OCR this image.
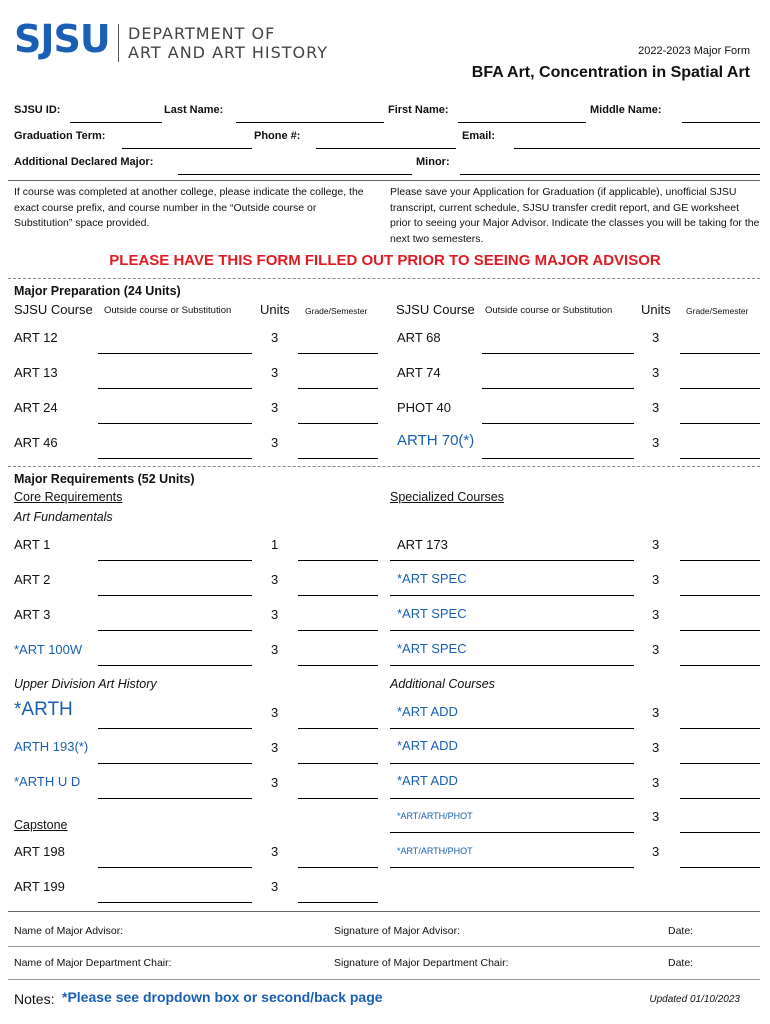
SJSU DEPARTMENT OF
ART AND ART HISTORY	2022-2023 Major Form
BFA Art, Concentration in Spatial Art
SJSU ID:	Last Name:	First Name:	Middle Name:
Graduation Term:	Phone #:	Email:
Additional Declared Major:	Minor:
If course was completed at another college, please indicate the college, the exact course prefix, and course number in the “Outside course or Substitution” space provided.
Please save your Application for Graduation (if applicable), unofficial SJSU transcript, current schedule, SJSU transfer credit report, and GE worksheet prior to seeing your Major Advisor. Indicate the classes you will be taking for the next two semesters.
PLEASE HAVE THIS FORM FILLED OUT PRIOR TO SEEING MAJOR ADVISOR
Major Preparation (24 Units)
SJSU Course Outside course or Substitution Units Grade/Semester SJSU Course Outside course or Substitution Units Grade/Semester
ART 12	3
ART 13	3
ART 24	3
ART 46	3
ART 68	3
ART 74	3
PHOT 40	3
ARTH 70(*)	3
Major Requirements (52 Units)
Core Requirements
Art Fundamentals
Specialized Courses
ART 1	1
ART 2	3
ART 3	3
*ART 100W	3
Upper Division Art History
*ARTH	3
ARTH 193(*)	3
*ARTH U D	3
Capstone
ART 198	3
ART 199	3
ART 173	3
*ART SPEC	3
*ART SPEC	3
*ART SPEC	3
Additional Courses
*ART ADD	3
*ART ADD	3
*ART ADD	3
*ART/ARTH/PHOT	3
*ART/ARTH/PHOT	3
Name of Major Advisor:	Signature of Major Advisor:	Date:
Name of Major Department Chair:	Signature of Major Department Chair:	Date:
Notes: *Please see dropdown box or second/back page	Updated 01/10/2023
